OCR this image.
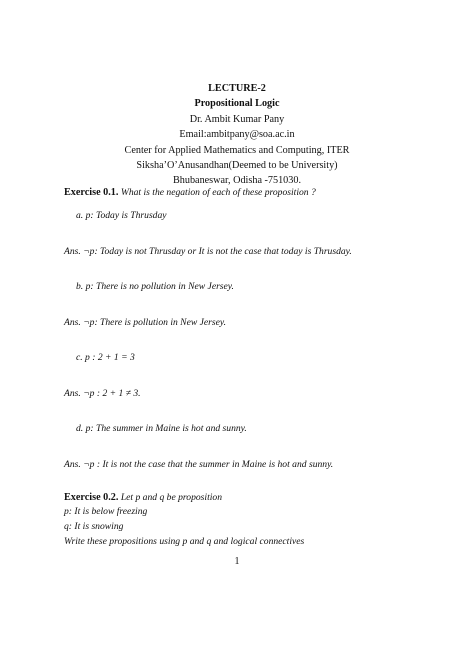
LECTURE-2
Propositional Logic
Dr. Ambit Kumar Pany
Email:ambitpany@soa.ac.in
Center for Applied Mathematics and Computing, ITER
Siksha’O’Anusandhan(Deemed to be University)
Bhubaneswar, Odisha -751030.
Exercise 0.1. What is the negation of each of these proposition ?
a. p: Today is Thrusday
Ans. ¬p: Today is not Thrusday or It is not the case that today is Thrusday.
b. p: There is no pollution in New Jersey.
Ans. ¬p: There is pollution in New Jersey.
c. p : 2 + 1 = 3
Ans. ¬p : 2 + 1 ≠ 3.
d. p: The summer in Maine is hot and sunny.
Ans. ¬p : It is not the case that the summer in Maine is hot and sunny.
Exercise 0.2. Let p and q be proposition
p: It is below freezing
q: It is snowing
Write these propositions using p and q and logical connectives
1
